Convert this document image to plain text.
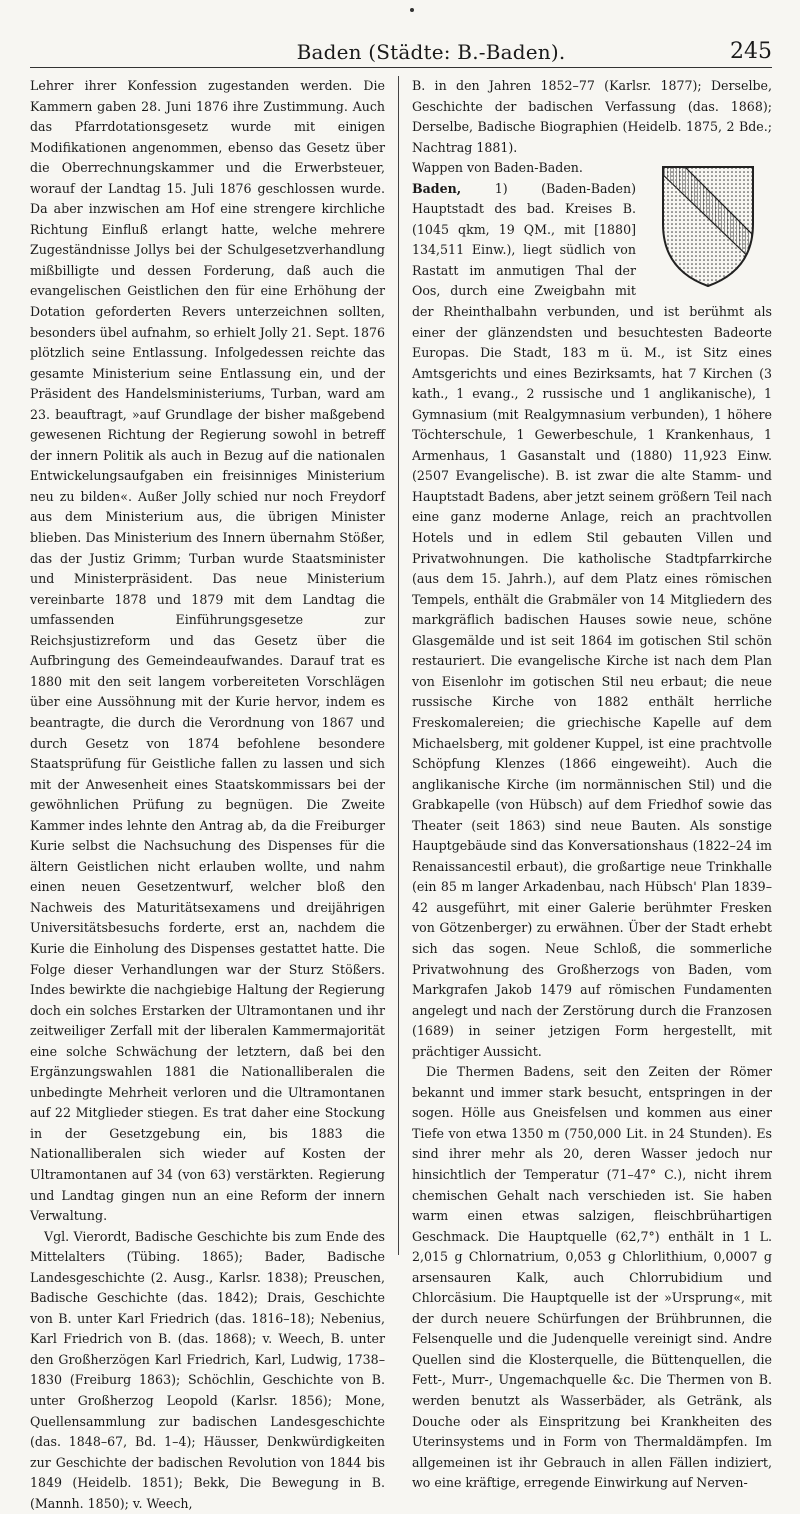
Baden (Städte: B.-Baden).	245

Lehrer ihrer Konfession zugestanden werden. Die Kammern gaben 28. Juni 1876 ihre Zustimmung. Auch das Pfarrdotationsgesetz wurde mit einigen Modifikationen angenommen, ebenso das Gesetz über die Oberrechnungskammer und die Erwerbsteuer, worauf der Landtag 15. Juli 1876 geschlossen wurde. Da aber inzwischen am Hof eine strengere kirchliche Richtung Einfluß erlangt hatte, welche mehrere Zugeständnisse Jollys bei der Schulgesetzverhandlung mißbilligte und dessen Forderung, daß auch die evangelischen Geistlichen den für eine Erhöhung der Dotation geforderten Revers unterzeichnen sollten, besonders übel aufnahm, so erhielt Jolly 21. Sept. 1876 plötzlich seine Entlassung. Infolgedessen reichte das gesamte Ministerium seine Entlassung ein, und der Präsident des Handelsministeriums, Turban, ward am 23. beauftragt, »auf Grundlage der bisher maßgebend gewesenen Richtung der Regierung sowohl in betreff der innern Politik als auch in Bezug auf die nationalen Entwickelungsaufgaben ein freisinniges Ministerium neu zu bilden«. Außer Jolly schied nur noch Freydorf aus dem Ministerium aus, die übrigen Minister blieben. Das Ministerium des Innern übernahm Stößer, das der Justiz Grimm; Turban wurde Staatsminister und Ministerpräsident. Das neue Ministerium vereinbarte 1878 und 1879 mit dem Landtag die umfassenden Einführungsgesetze zur Reichsjustizreform und das Gesetz über die Aufbringung des Gemeindeaufwandes. Darauf trat es 1880 mit den seit langem vorbereiteten Vorschlägen über eine Aussöhnung mit der Kurie hervor, indem es beantragte, die durch die Verordnung von 1867 und durch Gesetz von 1874 befohlene besondere Staatsprüfung für Geistliche fallen zu lassen und sich mit der Anwesenheit eines Staatskommissars bei der gewöhnlichen Prüfung zu begnügen. Die Zweite Kammer indes lehnte den Antrag ab, da die Freiburger Kurie selbst die Nachsuchung des Dispenses für die ältern Geistlichen nicht erlauben wollte, und nahm einen neuen Gesetzentwurf, welcher bloß den Nachweis des Maturitätsexamens und dreijährigen Universitätsbesuchs forderte, erst an, nachdem die Kurie die Einholung des Dispenses gestattet hatte. Die Folge dieser Verhandlungen war der Sturz Stößers. Indes bewirkte die nachgiebige Haltung der Regierung doch ein solches Erstarken der Ultramontanen und ihr zeitweiliger Zerfall mit der liberalen Kammermajorität eine solche Schwächung der letztern, daß bei den Ergänzungswahlen 1881 die Nationalliberalen die unbedingte Mehrheit verloren und die Ultramontanen auf 22 Mitglieder stiegen. Es trat daher eine Stockung in der Gesetzgebung ein, bis 1883 die Nationalliberalen sich wieder auf Kosten der Ultramontanen auf 34 (von 63) verstärkten. Regierung und Landtag gingen nun an eine Reform der innern Verwaltung.

Vgl. Vierordt, Badische Geschichte bis zum Ende des Mittelalters (Tübing. 1865); Bader, Badische Landesgeschichte (2. Ausg., Karlsr. 1838); Preuschen, Badische Geschichte (das. 1842); Drais, Geschichte von B. unter Karl Friedrich (das. 1816–18); Nebenius, Karl Friedrich von B. (das. 1868); v. Weech, B. unter den Großherzögen Karl Friedrich, Karl, Ludwig, 1738–1830 (Freiburg 1863); Schöchlin, Geschichte von B. unter Großherzog Leopold (Karlsr. 1856); Mone, Quellensammlung zur badischen Landesgeschichte (das. 1848–67, Bd. 1–4); Häusser, Denkwürdigkeiten zur Geschichte der badischen Revolution von 1844 bis 1849 (Heidelb. 1851); Bekk, Die Bewegung in B. (Mannh. 1850); v. Weech,

B. in den Jahren 1852–77 (Karlsr. 1877); Derselbe, Geschichte der badischen Verfassung (das. 1868); Derselbe, Badische Biographien (Heidelb. 1875, 2 Bde.; Nachtrag 1881).

Wappen von Baden-Baden.
Baden, 1) (Baden-Baden) Hauptstadt des bad. Kreises B. (1045 qkm, 19 QM., mit [1880] 134,511 Einw.), liegt südlich von Rastatt im anmutigen Thal der Oos, durch eine Zweigbahn mit der Rheinthalbahn verbunden, und ist berühmt als einer der glänzendsten und besuchtesten Badeorte Europas. Die Stadt, 183 m ü. M., ist Sitz eines Amtsgerichts und eines Bezirksamts, hat 7 Kirchen (3 kath., 1 evang., 2 russische und 1 anglikanische), 1 Gymnasium (mit Realgymnasium verbunden), 1 höhere Töchterschule, 1 Gewerbeschule, 1 Krankenhaus, 1 Armenhaus, 1 Gasanstalt und (1880) 11,923 Einw. (2507 Evangelische). B. ist zwar die alte Stamm- und Hauptstadt Badens, aber jetzt seinem größern Teil nach eine ganz moderne Anlage, reich an prachtvollen Hotels und in edlem Stil gebauten Villen und Privatwohnungen. Die katholische Stadtpfarrkirche (aus dem 15. Jahrh.), auf dem Platz eines römischen Tempels, enthält die Grabmäler von 14 Mitgliedern des markgräflich badischen Hauses sowie neue, schöne Glasgemälde und ist seit 1864 im gotischen Stil schön restauriert. Die evangelische Kirche ist nach dem Plan von Eisenlohr im gotischen Stil neu erbaut; die neue russische Kirche von 1882 enthält herrliche Freskomalereien; die griechische Kapelle auf dem Michaelsberg, mit goldener Kuppel, ist eine prachtvolle Schöpfung Klenzes (1866 eingeweiht). Auch die anglikanische Kirche (im normännischen Stil) und die Grabkapelle (von Hübsch) auf dem Friedhof sowie das Theater (seit 1863) sind neue Bauten. Als sonstige Hauptgebäude sind das Konversationshaus (1822–24 im Renaissancestil erbaut), die großartige neue Trinkhalle (ein 85 m langer Arkadenbau, nach Hübsch' Plan 1839–42 ausgeführt, mit einer Galerie berühmter Fresken von Götzenberger) zu erwähnen. Über der Stadt erhebt sich das sogen. Neue Schloß, die sommerliche Privatwohnung des Großherzogs von Baden, vom Markgrafen Jakob 1479 auf römischen Fundamenten angelegt und nach der Zerstörung durch die Franzosen (1689) in seiner jetzigen Form hergestellt, mit prächtiger Aussicht.

Die Thermen Badens, seit den Zeiten der Römer bekannt und immer stark besucht, entspringen in der sogen. Hölle aus Gneisfelsen und kommen aus einer Tiefe von etwa 1350 m (750,000 Lit. in 24 Stunden). Es sind ihrer mehr als 20, deren Wasser jedoch nur hinsichtlich der Temperatur (71–47° C.), nicht ihrem chemischen Gehalt nach verschieden ist. Sie haben warm einen etwas salzigen, fleischbrühartigen Geschmack. Die Hauptquelle (62,7°) enthält in 1 L. 2,015 g Chlornatrium, 0,053 g Chlorlithium, 0,0007 g arsensauren Kalk, auch Chlorrubidium und Chlorcäsium. Die Hauptquelle ist der »Ursprung«, mit der durch neuere Schürfungen der Brühbrunnen, die Felsenquelle und die Judenquelle vereinigt sind. Andre Quellen sind die Klosterquelle, die Büttenquellen, die Fett-, Murr-, Ungemachquelle &c. Die Thermen von B. werden benutzt als Wasserbäder, als Getränk, als Douche oder als Einspritzung bei Krankheiten des Uterinsystems und in Form von Thermaldämpfen. Im allgemeinen ist ihr Gebrauch in allen Fällen indiziert, wo eine kräftige, erregende Einwirkung auf Nerven-
